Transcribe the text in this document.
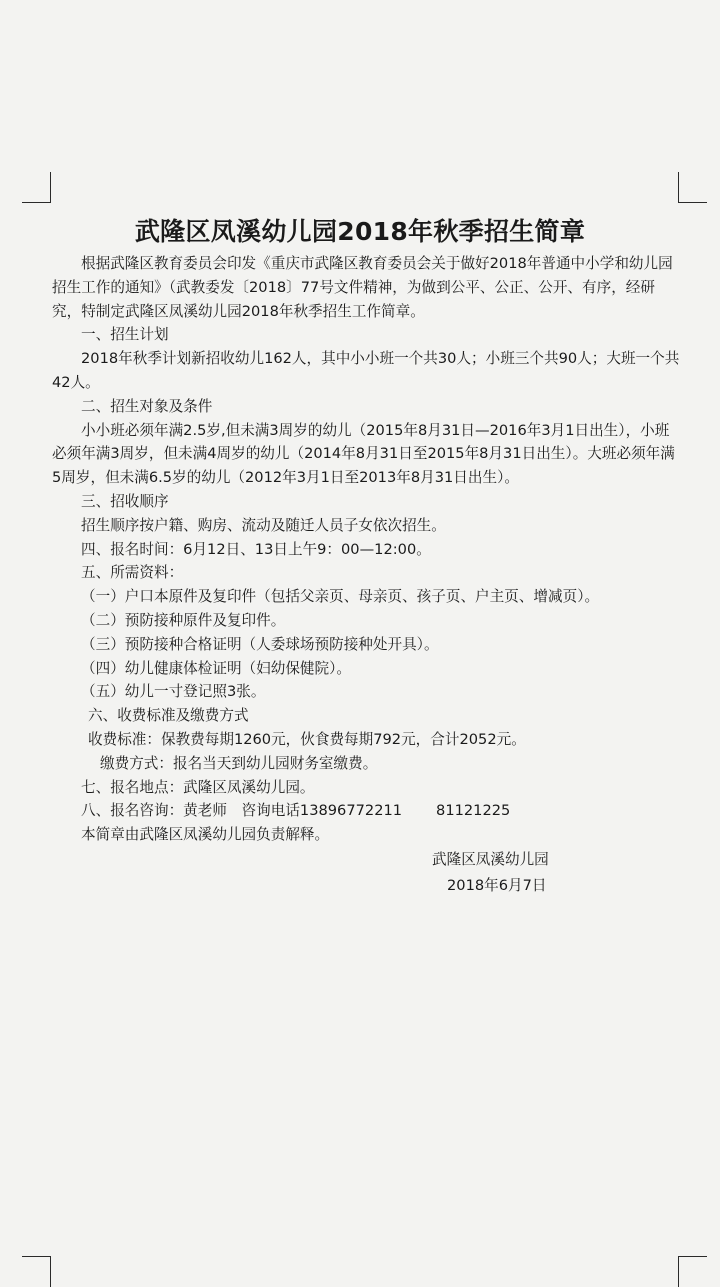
武隆区凤溪幼儿园2018年秋季招生简章
根据武隆区教育委员会印发《重庆市武隆区教育委员会关于做好2018年普通中小学和幼儿园招生工作的通知》（武教委发〔2018〕77号文件精神，为做到公平、公正、公开、有序，经研究，特制定武隆区凤溪幼儿园2018年秋季招生工作简章。
一、招生计划
2018年秋季计划新招收幼儿162人，其中小小班一个共30人；小班三个共90人；大班一个共42人。
二、招生对象及条件
小小班必须年满2.5岁,但未满3周岁的幼儿（2015年8月31日—2016年3月1日出生），小班必须年满3周岁，但未满4周岁的幼儿（2014年8月31日至2015年8月31日出生）。大班必须年满5周岁，但未满6.5岁的幼儿（2012年3月1日至2013年8月31日出生）。
三、招收顺序
招生顺序按户籍、购房、流动及随迁人员子女依次招生。
四、报名时间：6月12日、13日上午9：00—12:00。
五、所需资料：
（一）户口本原件及复印件（包括父亲页、母亲页、孩子页、户主页、增减页）。
（二）预防接种原件及复印件。
（三）预防接种合格证明（人委球场预防接种处开具）。
（四）幼儿健康体检证明（妇幼保健院）。
（五）幼儿一寸登记照3张。
六、收费标准及缴费方式
收费标准：保教费每期1260元，伙食费每期792元，合计2052元。
缴费方式：报名当天到幼儿园财务室缴费。
七、报名地点：武隆区凤溪幼儿园。
八、报名咨询：黄老师　咨询电话13896772211 81121225
本简章由武隆区凤溪幼儿园负责解释。
武隆区凤溪幼儿园
2018年6月7日
